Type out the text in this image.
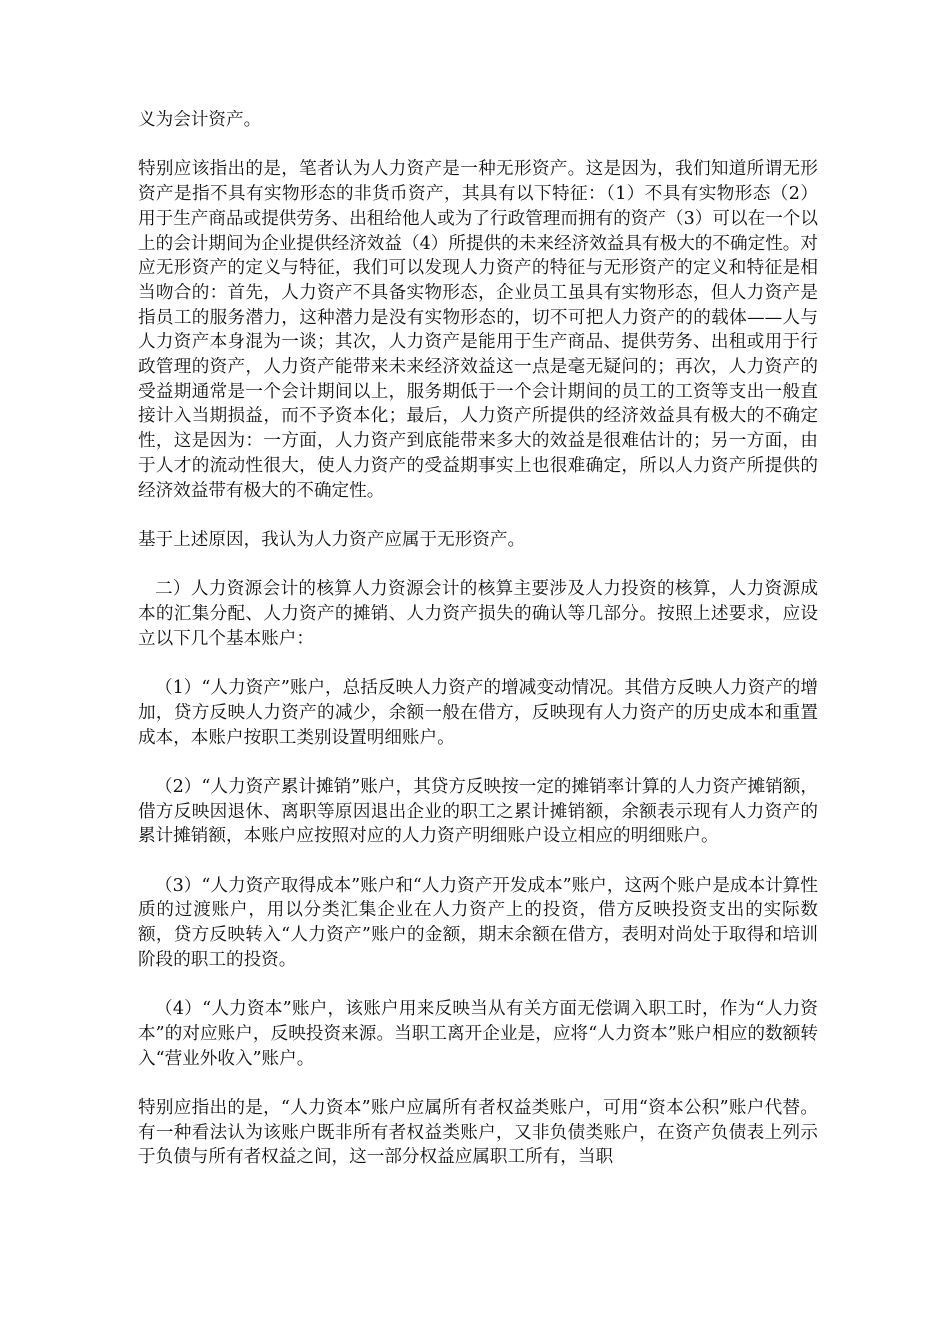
义为会计资产。

特别应该指出的是，笔者认为人力资产是一种无形资产。这是因为，我们知道所谓无形资产是指不具有实物形态的非货币资产，其具有以下特征：（1）不具有实物形态（2）用于生产商品或提供劳务、出租给他人或为了行政管理而拥有的资产（3）可以在一个以上的会计期间为企业提供经济效益（4）所提供的未来经济效益具有极大的不确定性。对应无形资产的定义与特征，我们可以发现人力资产的特征与无形资产的定义和特征是相当吻合的：首先，人力资产不具备实物形态，企业员工虽具有实物形态，但人力资产是指员工的服务潜力，这种潜力是没有实物形态的，切不可把人力资产的的载体——人与人力资产本身混为一谈；其次，人力资产是能用于生产商品、提供劳务、出租或用于行政管理的资产，人力资产能带来未来经济效益这一点是毫无疑问的；再次，人力资产的受益期通常是一个会计期间以上，服务期低于一个会计期间的员工的工资等支出一般直接计入当期损益，而不予资本化；最后，人力资产所提供的经济效益具有极大的不确定性，这是因为：一方面，人力资产到底能带来多大的效益是很难估计的；另一方面，由于人才的流动性很大，使人力资产的受益期事实上也很难确定，所以人力资产所提供的经济效益带有极大的不确定性。

基于上述原因，我认为人力资产应属于无形资产。

二）人力资源会计的核算人力资源会计的核算主要涉及人力投资的核算，人力资源成本的汇集分配、人力资产的摊销、人力资产损失的确认等几部分。按照上述要求，应设立以下几个基本账户：

（1）“人力资产”账户，总括反映人力资产的增减变动情况。其借方反映人力资产的增加，贷方反映人力资产的减少，余额一般在借方，反映现有人力资产的历史成本和重置成本，本账户按职工类别设置明细账户。

（2）“人力资产累计摊销”账户，其贷方反映按一定的摊销率计算的人力资产摊销额，借方反映因退休、离职等原因退出企业的职工之累计摊销额，余额表示现有人力资产的累计摊销额，本账户应按照对应的人力资产明细账户设立相应的明细账户。

（3）“人力资产取得成本”账户和“人力资产开发成本”账户，这两个账户是成本计算性质的过渡账户，用以分类汇集企业在人力资产上的投资，借方反映投资支出的实际数额，贷方反映转入“人力资产”账户的金额，期末余额在借方，表明对尚处于取得和培训阶段的职工的投资。

（4）“人力资本”账户，该账户用来反映当从有关方面无偿调入职工时，作为“人力资本”的对应账户，反映投资来源。当职工离开企业是，应将“人力资本”账户相应的数额转入“营业外收入”账户。

特别应指出的是，“人力资本”账户应属所有者权益类账户，可用“资本公积”账户代替。有一种看法认为该账户既非所有者权益类账户，又非负债类账户，在资产负债表上列示于负债与所有者权益之间，这一部分权益应属职工所有，当职
